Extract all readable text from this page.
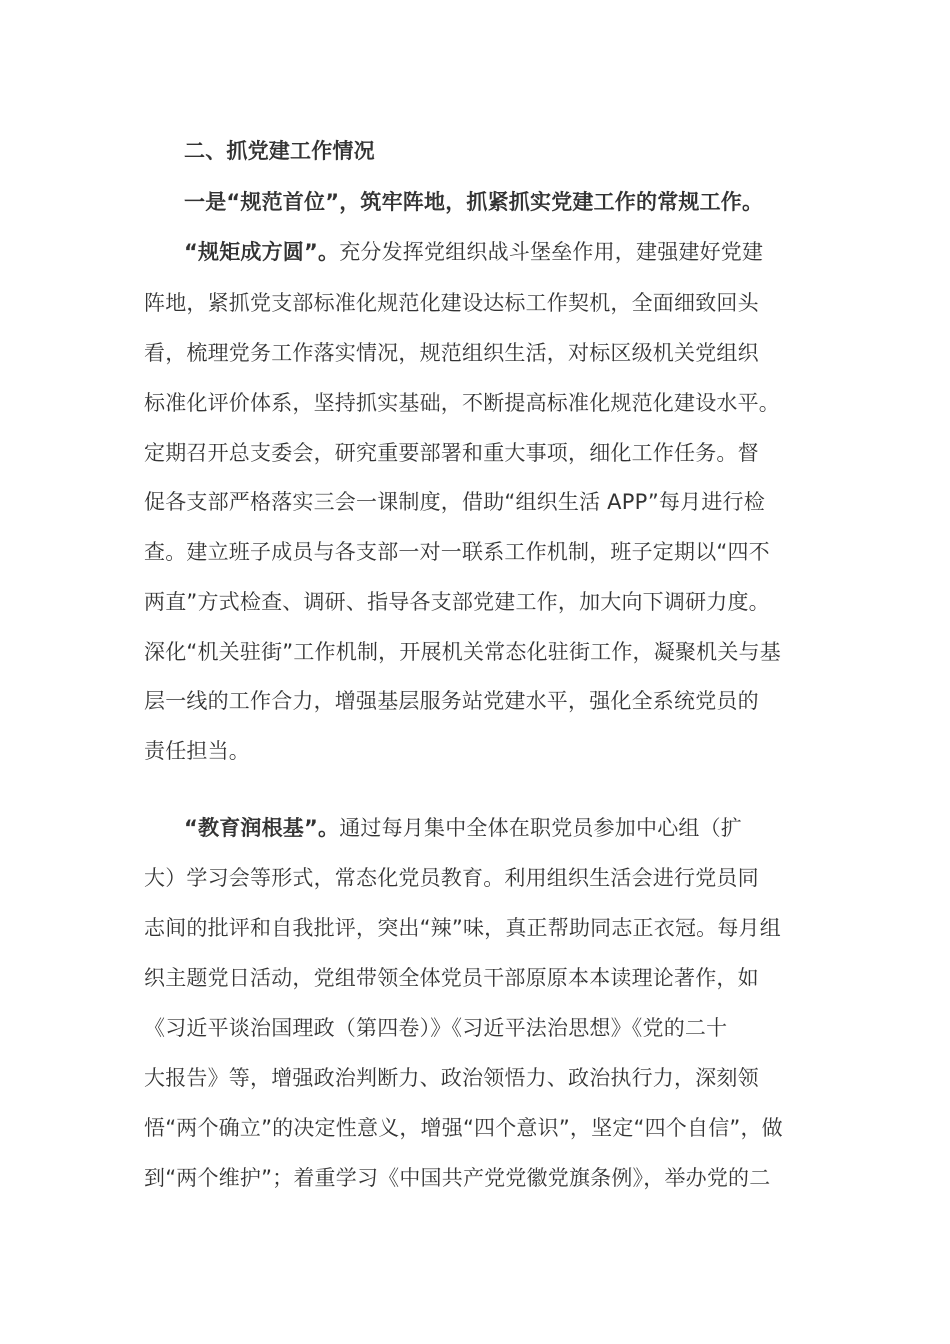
二、抓党建工作情况
一是“规范首位”，筑牢阵地，抓紧抓实党建工作的常规工作。
“规矩成方圆”。充分发挥党组织战斗堡垒作用，建强建好党建
阵地，紧抓党支部标准化规范化建设达标工作契机，全面细致回头
看，梳理党务工作落实情况，规范组织生活，对标区级机关党组织
标准化评价体系，坚持抓实基础，不断提高标准化规范化建设水平。
定期召开总支委会，研究重要部署和重大事项，细化工作任务。督
促各支部严格落实三会一课制度，借助“组织生活 APP”每月进行检
查。建立班子成员与各支部一对一联系工作机制，班子定期以“四不
两直”方式检查、调研、指导各支部党建工作，加大向下调研力度。
深化“机关驻街”工作机制，开展机关常态化驻街工作，凝聚机关与基
层一线的工作合力，增强基层服务站党建水平，强化全系统党员的
责任担当。
“教育润根基”。通过每月集中全体在职党员参加中心组（扩
大）学习会等形式，常态化党员教育。利用组织生活会进行党员同
志间的批评和自我批评，突出“辣”味，真正帮助同志正衣冠。每月组
织主题党日活动，党组带领全体党员干部原原本本读理论著作，如
《习近平谈治国理政（第四卷）》《习近平法治思想》《党的二十
大报告》等，增强政治判断力、政治领悟力、政治执行力，深刻领
悟“两个确立”的决定性意义，增强“四个意识”，坚定“四个自信”，做
到“两个维护”；着重学习《中国共产党党徽党旗条例》，举办党的二
